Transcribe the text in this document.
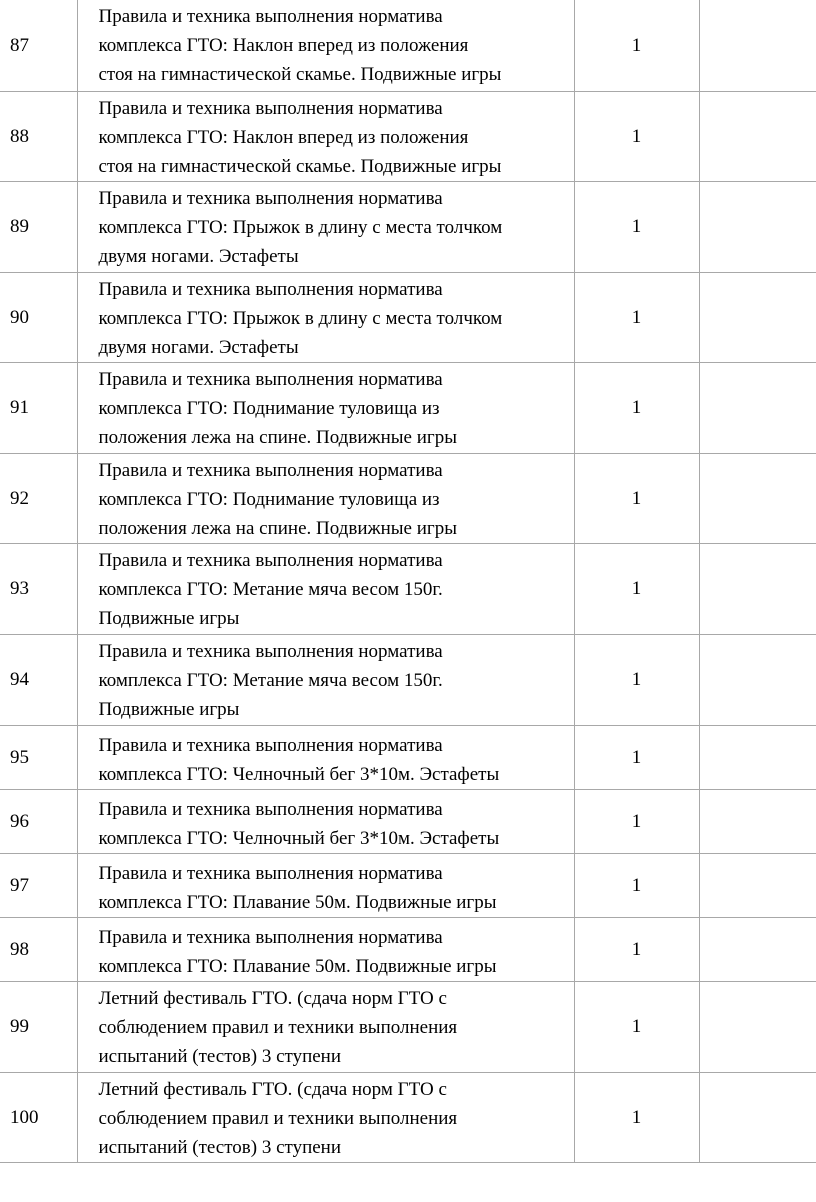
87	Правила и техника выполнения норматива
комплекса ГТО: Наклон вперед из положения
стоя на гимнастической скамье. Подвижные игры	1	
88	Правила и техника выполнения норматива
комплекса ГТО: Наклон вперед из положения
стоя на гимнастической скамье. Подвижные игры	1	
89	Правила и техника выполнения норматива
комплекса ГТО: Прыжок в длину с места толчком
двумя ногами. Эстафеты	1	
90	Правила и техника выполнения норматива
комплекса ГТО: Прыжок в длину с места толчком
двумя ногами. Эстафеты	1	
91	Правила и техника выполнения норматива
комплекса ГТО: Поднимание туловища из
положения лежа на спине. Подвижные игры	1	
92	Правила и техника выполнения норматива
комплекса ГТО: Поднимание туловища из
положения лежа на спине. Подвижные игры	1	
93	Правила и техника выполнения норматива
комплекса ГТО: Метание мяча весом 150г.
Подвижные игры	1	
94	Правила и техника выполнения норматива
комплекса ГТО: Метание мяча весом 150г.
Подвижные игры	1	
95	Правила и техника выполнения норматива
комплекса ГТО: Челночный бег 3*10м. Эстафеты	1	
96	Правила и техника выполнения норматива
комплекса ГТО: Челночный бег 3*10м. Эстафеты	1	
97	Правила и техника выполнения норматива
комплекса ГТО: Плавание 50м. Подвижные игры	1	
98	Правила и техника выполнения норматива
комплекса ГТО: Плавание 50м. Подвижные игры	1	
99	Летний фестиваль ГТО. (сдача норм ГТО с
соблюдением правил и техники выполнения
испытаний (тестов) 3 ступени	1	
100	Летний фестиваль ГТО. (сдача норм ГТО с
соблюдением правил и техники выполнения
испытаний (тестов) 3 ступени	1	
